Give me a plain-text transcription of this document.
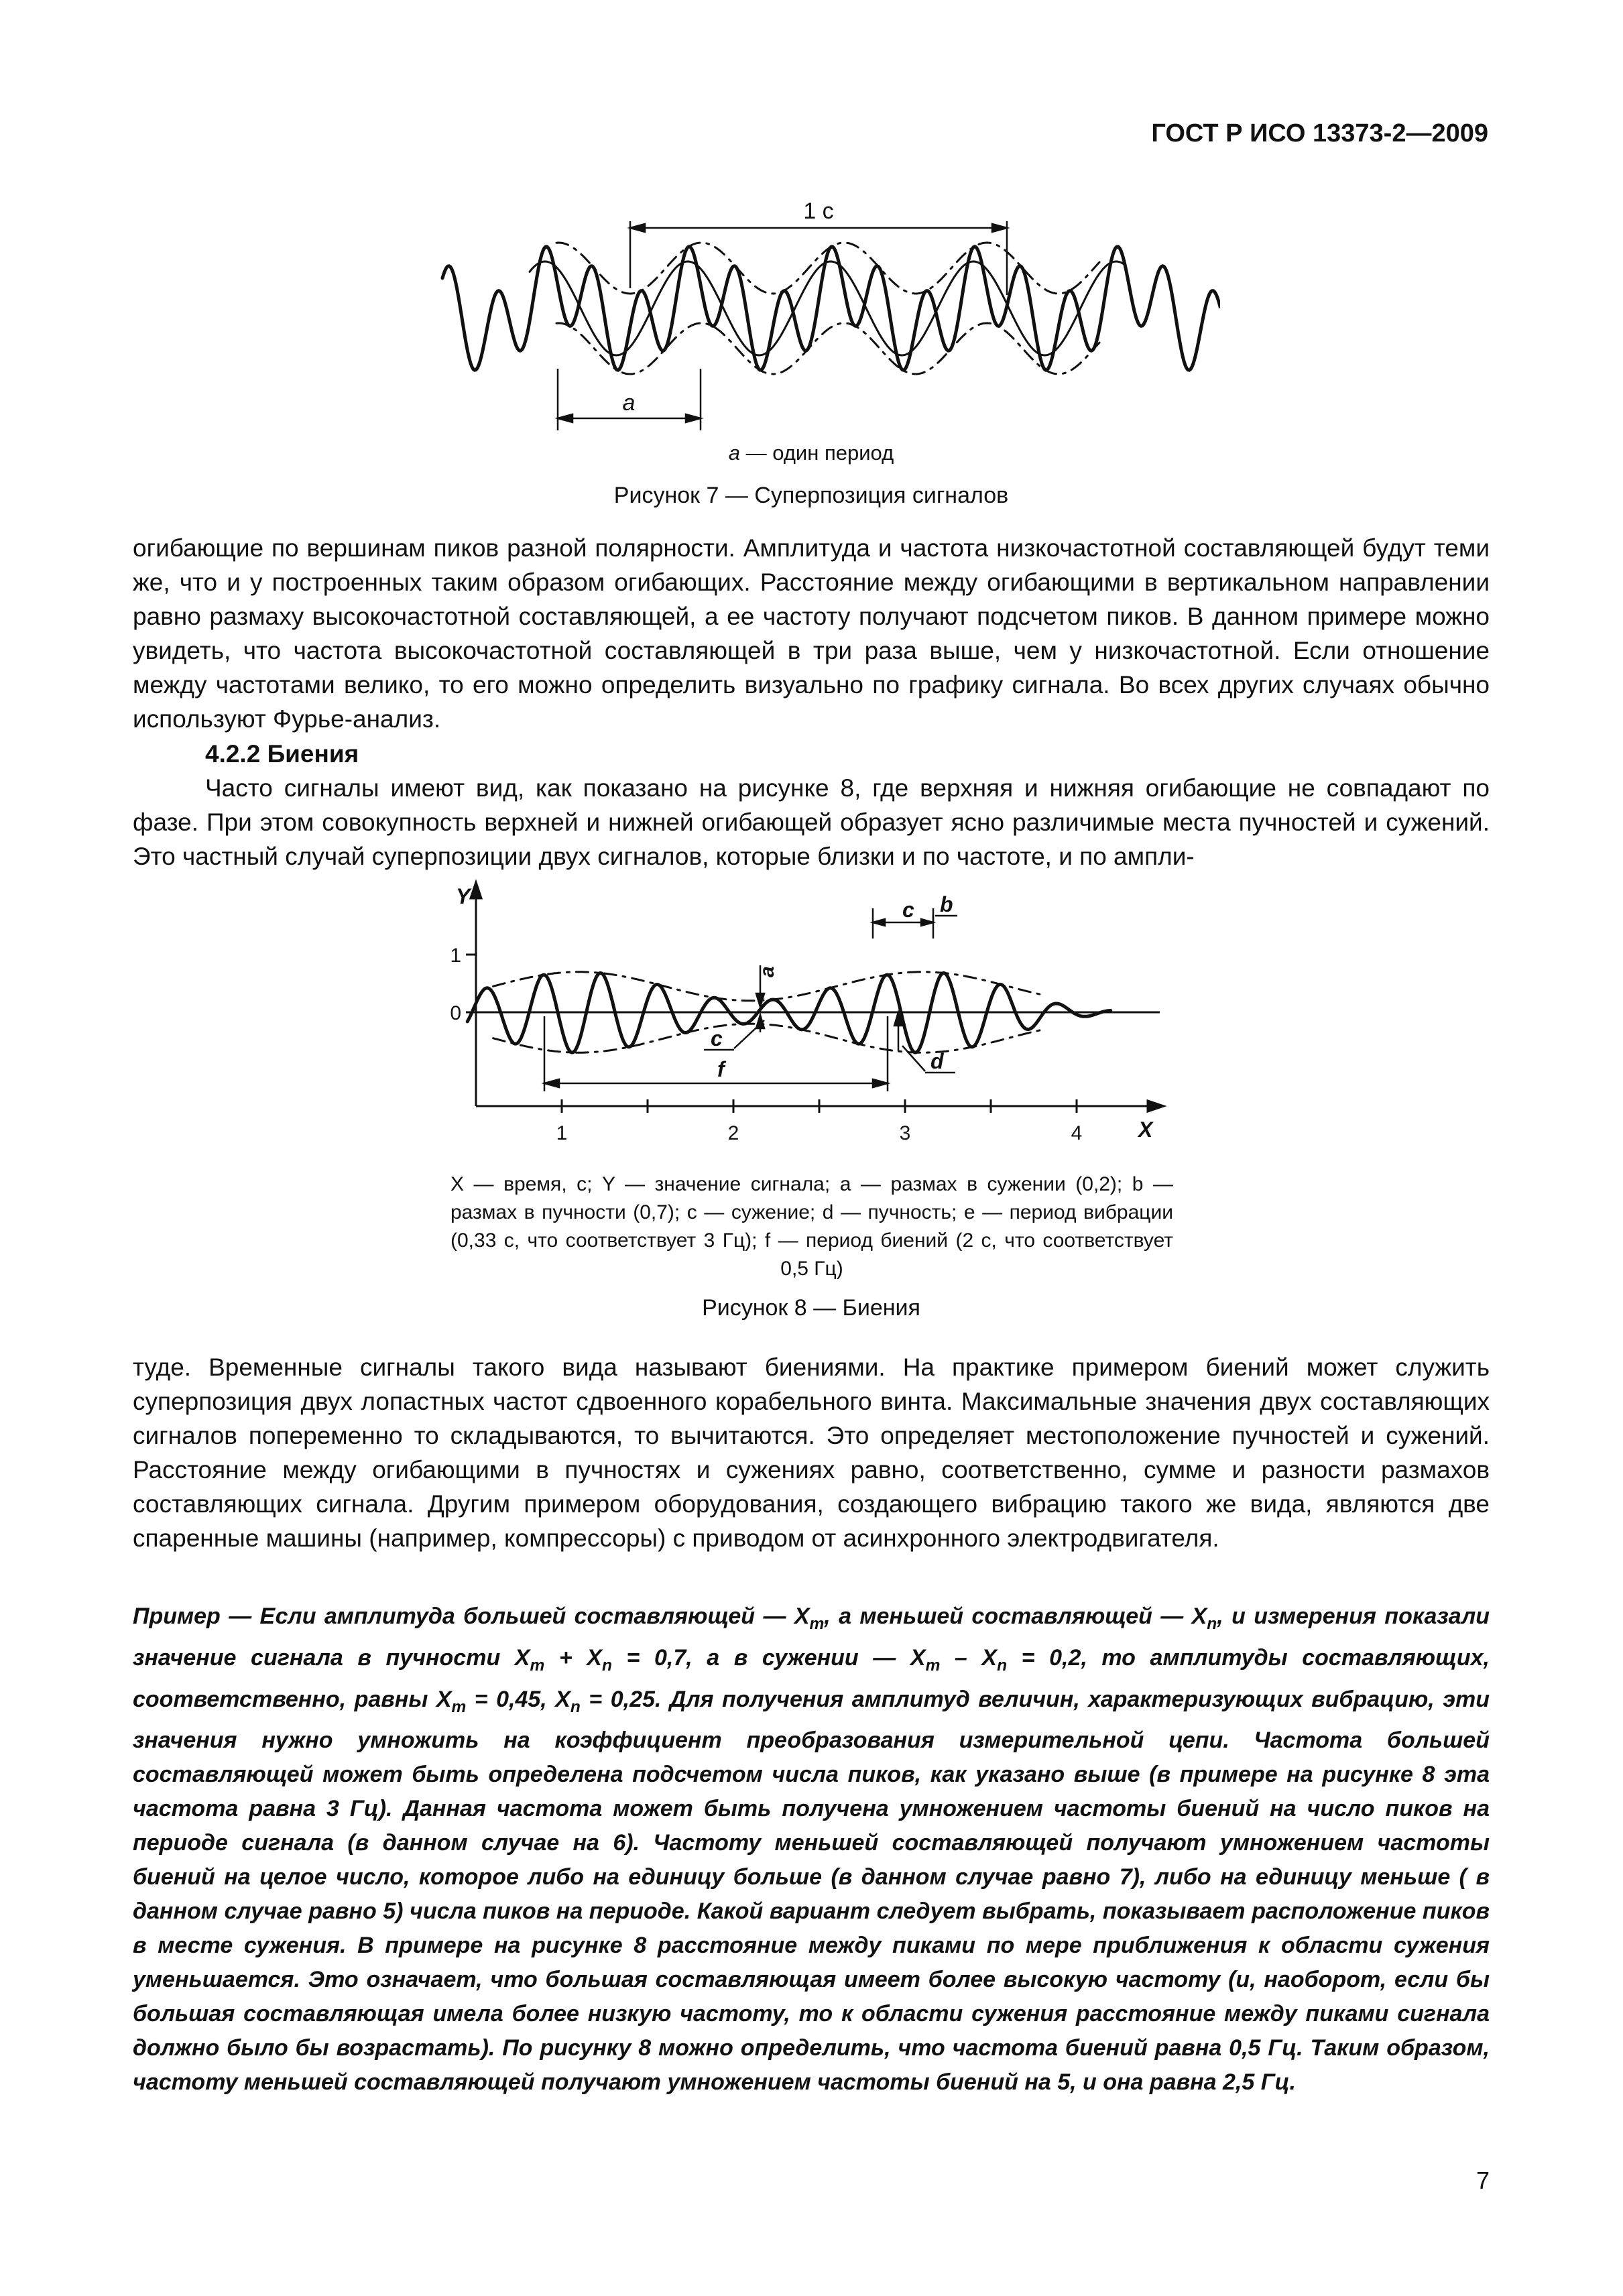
ГОСТ Р ИСО 13373-2—2009
1 с
a
a — один период
Рисунок 7 — Суперпозиция сигналов
огибающие по вершинам пиков разной полярности. Амплитуда и частота низкочастотной составляющей будут теми же, что и у построенных таким образом огибающих. Расстояние между огибающими в вертикальном направлении равно размаху высокочастотной составляющей, а ее частоту получают подсчетом пиков. В данном примере можно увидеть, что частота высокочастотной составляющей в три раза выше, чем у низкочастотной. Если отношение между частотами велико, то его можно определить визуально по графику сигнала. Во всех других случаях обычно используют Фурье-анализ.
4.2.2 Биения
Часто сигналы имеют вид, как показано на рисунке 8, где верхняя и нижняя огибающие не совпадают по фазе. При этом совокупность верхней и нижней огибающей образует ясно различимые места пучностей и сужений. Это частный случай суперпозиции двух сигналов, которые близки и по частоте, и по ампли-
Y
X
1
0
1	2	3	4
c b
a
c
f	d
X — время, с; Y — значение сигнала; a — размах в сужении (0,2); b — размах в пучности (0,7); c — сужение; d — пучность; e — период вибрации (0,33 с, что соответствует 3 Гц); f — период биений (2 с, что соответствует 0,5 Гц)
Рисунок 8 — Биения
туде. Временные сигналы такого вида называют биениями. На практике примером биений может служить суперпозиция двух лопастных частот сдвоенного корабельного винта. Максимальные значения двух составляющих сигналов попеременно то складываются, то вычитаются. Это определяет местоположение пучностей и сужений. Расстояние между огибающими в пучностях и сужениях равно, соответственно, сумме и разности размахов составляющих сигнала. Другим примером оборудования, создающего вибрацию такого же вида, являются две спаренные машины (например, компрессоры) с приводом от асинхронного электродвигателя.
Пример — Если амплитуда большей составляющей — $X_m$, а меньшей составляющей — $X_n$, и измерения показали значение сигнала в пучности $X_m + X_n = 0,7$, а в сужении — $X_m - X_n = 0,2$, то амплитуды составляющих, соответственно, равны $X_m = 0,45$, $X_n = 0,25$. Для получения амплитуд величин, характеризующих вибрацию, эти значения нужно умножить на коэффициент преобразования измерительной цепи. Частота большей составляющей может быть определена подсчетом числа пиков, как указано выше (в примере на рисунке 8 эта частота равна 3 Гц). Данная частота может быть получена умножением частоты биений на число пиков на периоде сигнала (в данном случае на 6). Частоту меньшей составляющей получают умножением частоты биений на целое число, которое либо на единицу больше (в данном случае равно 7), либо на единицу меньше ( в данном случае равно 5) числа пиков на периоде. Какой вариант следует выбрать, показывает расположение пиков в месте сужения. В примере на рисунке 8 расстояние между пиками по мере приближения к области сужения уменьшается. Это означает, что большая составляющая имеет более высокую частоту (и, наоборот, если бы большая составляющая имела более низкую частоту, то к области сужения расстояние между пиками сигнала должно было бы возрастать). По рисунку 8 можно определить, что частота биений равна 0,5 Гц. Таким образом, частоту меньшей составляющей получают умножением частоты биений на 5, и она равна 2,5 Гц.
7
